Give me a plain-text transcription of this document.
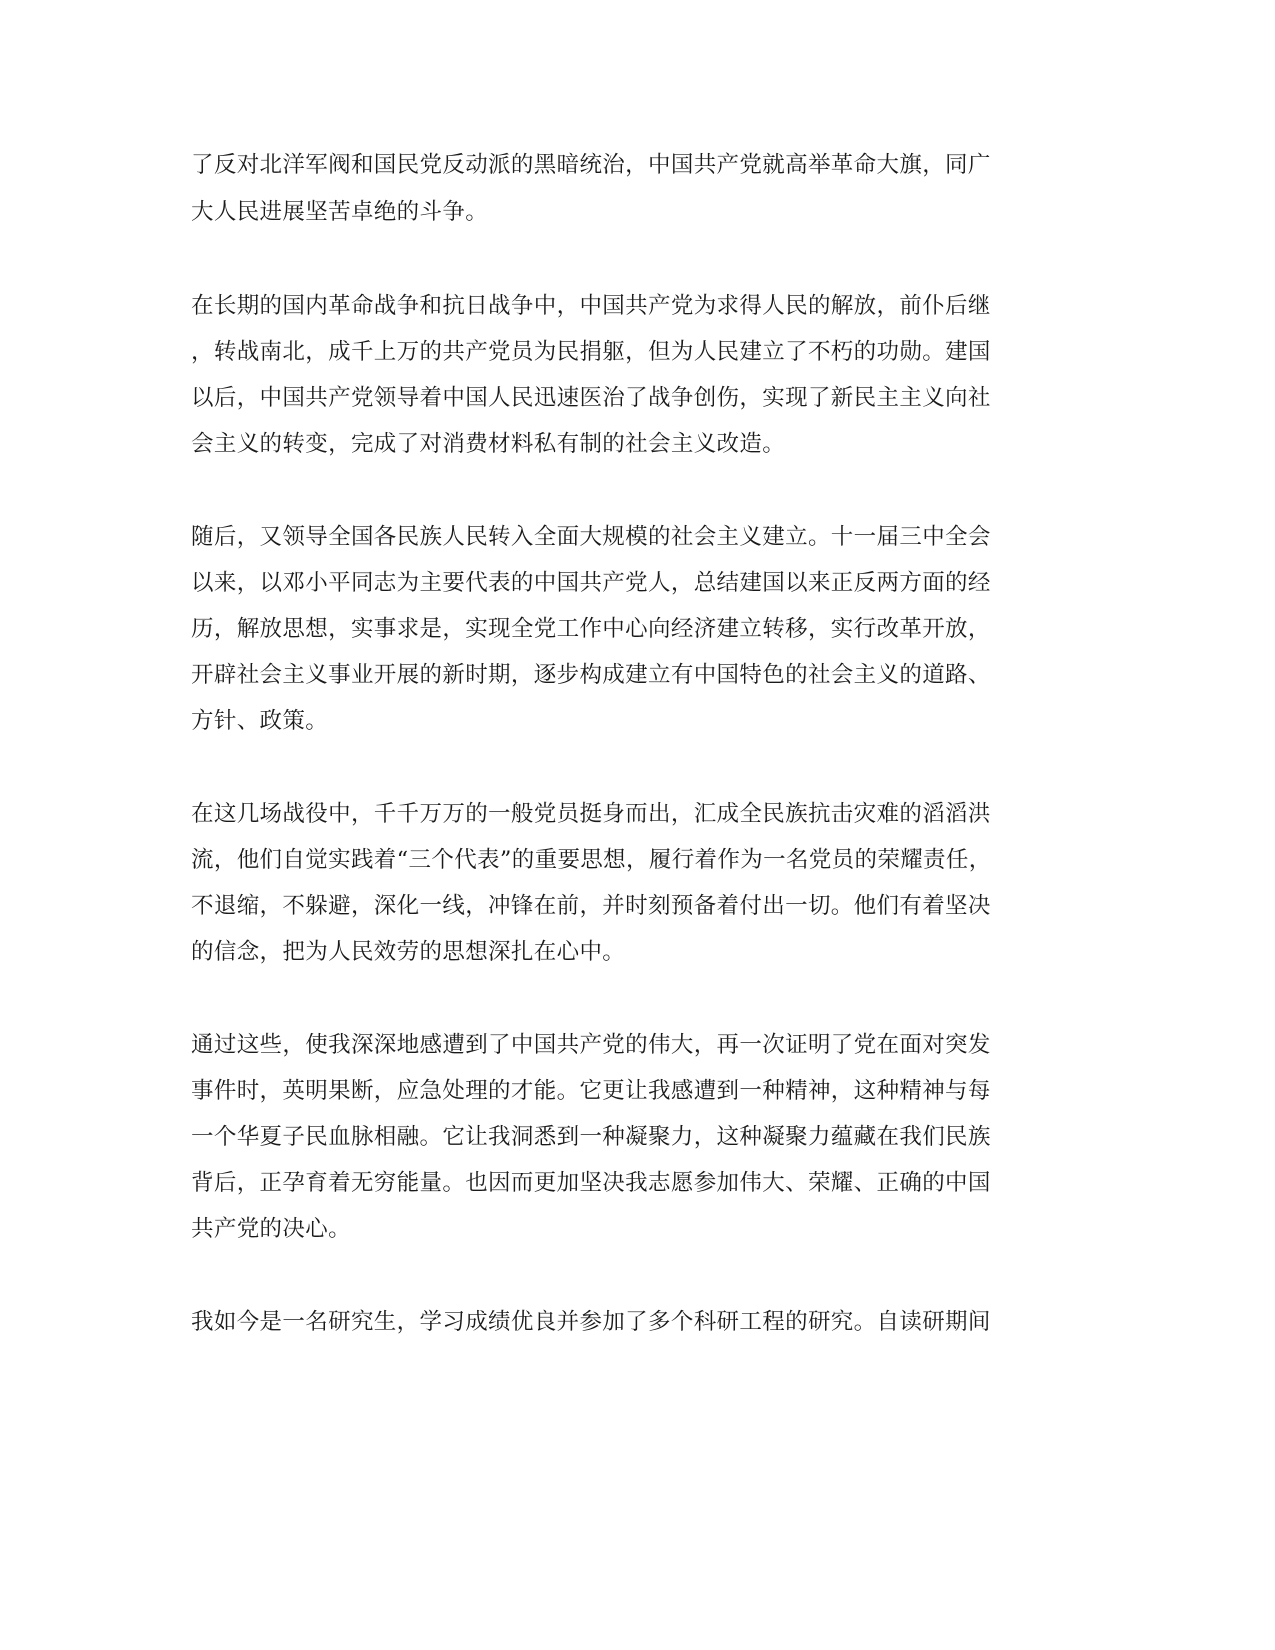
了反对北洋军阀和国民党反动派的黑暗统治，中国共产党就高举革命大旗，同广
大人民进展坚苦卓绝的斗争。
在长期的国内革命战争和抗日战争中，中国共产党为求得人民的解放，前仆后继
，转战南北，成千上万的共产党员为民捐躯，但为人民建立了不朽的功勋。建国
以后，中国共产党领导着中国人民迅速医治了战争创伤，实现了新民主主义向社
会主义的转变，完成了对消费材料私有制的社会主义改造。
随后，又领导全国各民族人民转入全面大规模的社会主义建立。十一届三中全会
以来，以邓小平同志为主要代表的中国共产党人，总结建国以来正反两方面的经
历，解放思想，实事求是，实现全党工作中心向经济建立转移，实行改革开放，
开辟社会主义事业开展的新时期，逐步构成建立有中国特色的社会主义的道路、
方针、政策。
在这几场战役中，千千万万的一般党员挺身而出，汇成全民族抗击灾难的滔滔洪
流，他们自觉实践着“三个代表”的重要思想，履行着作为一名党员的荣耀责任，
不退缩，不躲避，深化一线，冲锋在前，并时刻预备着付出一切。他们有着坚决
的信念，把为人民效劳的思想深扎在心中。
通过这些，使我深深地感遭到了中国共产党的伟大，再一次证明了党在面对突发
事件时，英明果断，应急处理的才能。它更让我感遭到一种精神，这种精神与每
一个华夏子民血脉相融。它让我洞悉到一种凝聚力，这种凝聚力蕴藏在我们民族
背后，正孕育着无穷能量。也因而更加坚决我志愿参加伟大、荣耀、正确的中国
共产党的决心。
我如今是一名研究生，学习成绩优良并参加了多个科研工程的研究。自读研期间
